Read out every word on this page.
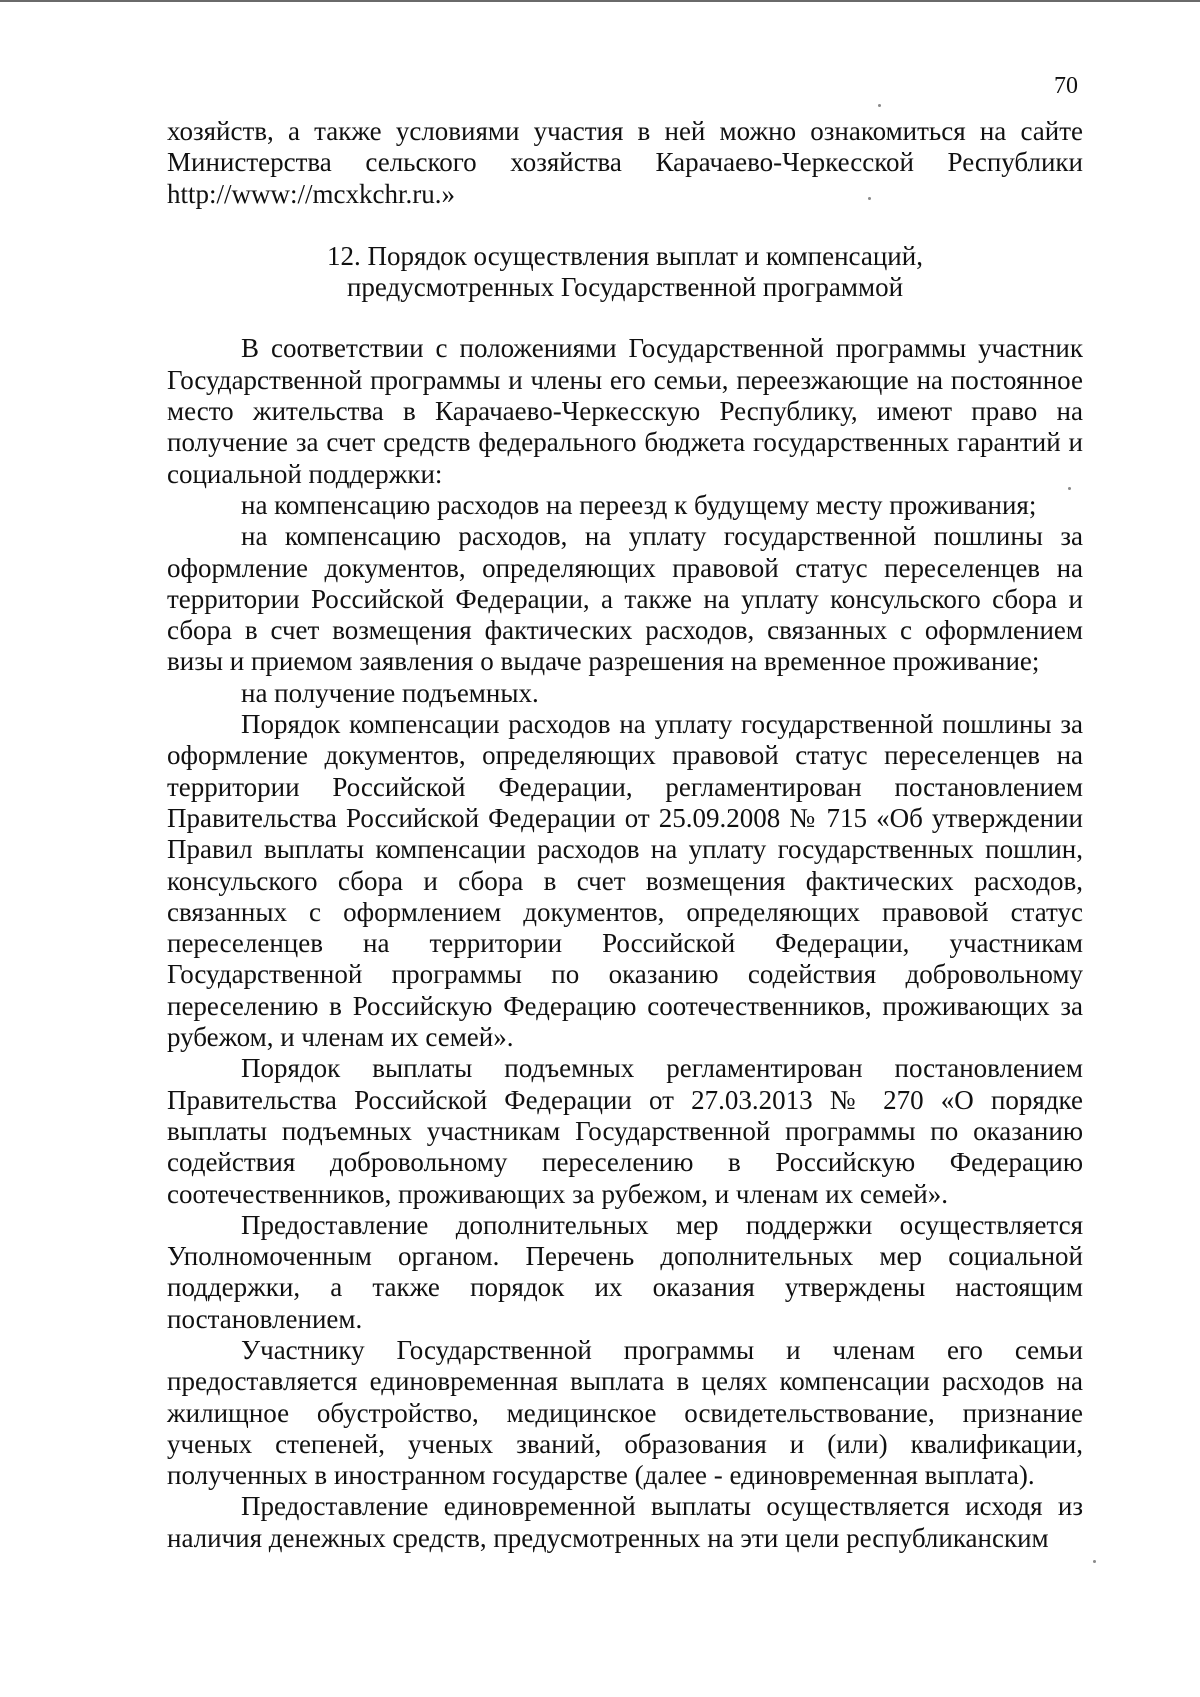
70

хозяйств, а также условиями участия в ней можно ознакомиться на сайте Министерства сельского хозяйства Карачаево-Черкесской Республики http://www://mcxkchr.ru.»

12. Порядок осуществления выплат и компенсаций,
предусмотренных Государственной программой

В соответствии с положениями Государственной программы участник Государственной программы и члены его семьи, переезжающие на постоянное место жительства в Карачаево-Черкесскую Республику, имеют право на получение за счет средств федерального бюджета государственных гарантий и социальной поддержки:

на компенсацию расходов на переезд к будущему месту проживания;

на компенсацию расходов, на уплату государственной пошлины за оформление документов, определяющих правовой статус переселенцев на территории Российской Федерации, а также на уплату консульского сбора и сбора в счет возмещения фактических расходов, связанных с оформлением визы и приемом заявления о выдаче разрешения на временное проживание;

на получение подъемных.

Порядок компенсации расходов на уплату государственной пошлины за оформление документов, определяющих правовой статус переселенцев на территории Российской Федерации, регламентирован постановлением Правительства Российской Федерации от 25.09.2008 № 715 «Об утверждении Правил выплаты компенсации расходов на уплату государственных пошлин, консульского сбора и сбора в счет возмещения фактических расходов, связанных с оформлением документов, определяющих правовой статус переселенцев на территории Российской Федерации, участникам Государственной программы по оказанию содействия добровольному переселению в Российскую Федерацию соотечественников, проживающих за рубежом, и членам их семей».

Порядок выплаты подъемных регламентирован постановлением Правительства Российской Федерации от 27.03.2013 № 270 «О порядке выплаты подъемных участникам Государственной программы по оказанию содействия добровольному переселению в Российскую Федерацию соотечественников, проживающих за рубежом, и членам их семей».

Предоставление дополнительных мер поддержки осуществляется Уполномоченным органом. Перечень дополнительных мер социальной поддержки, а также порядок их оказания утверждены настоящим постановлением.

Участнику Государственной программы и членам его семьи предоставляется единовременная выплата в целях компенсации расходов на жилищное обустройство, медицинское освидетельствование, признание ученых степеней, ученых званий, образования и (или) квалификации, полученных в иностранном государстве (далее - единовременная выплата).

Предоставление единовременной выплаты осуществляется исходя из наличия денежных средств, предусмотренных на эти цели республиканским
